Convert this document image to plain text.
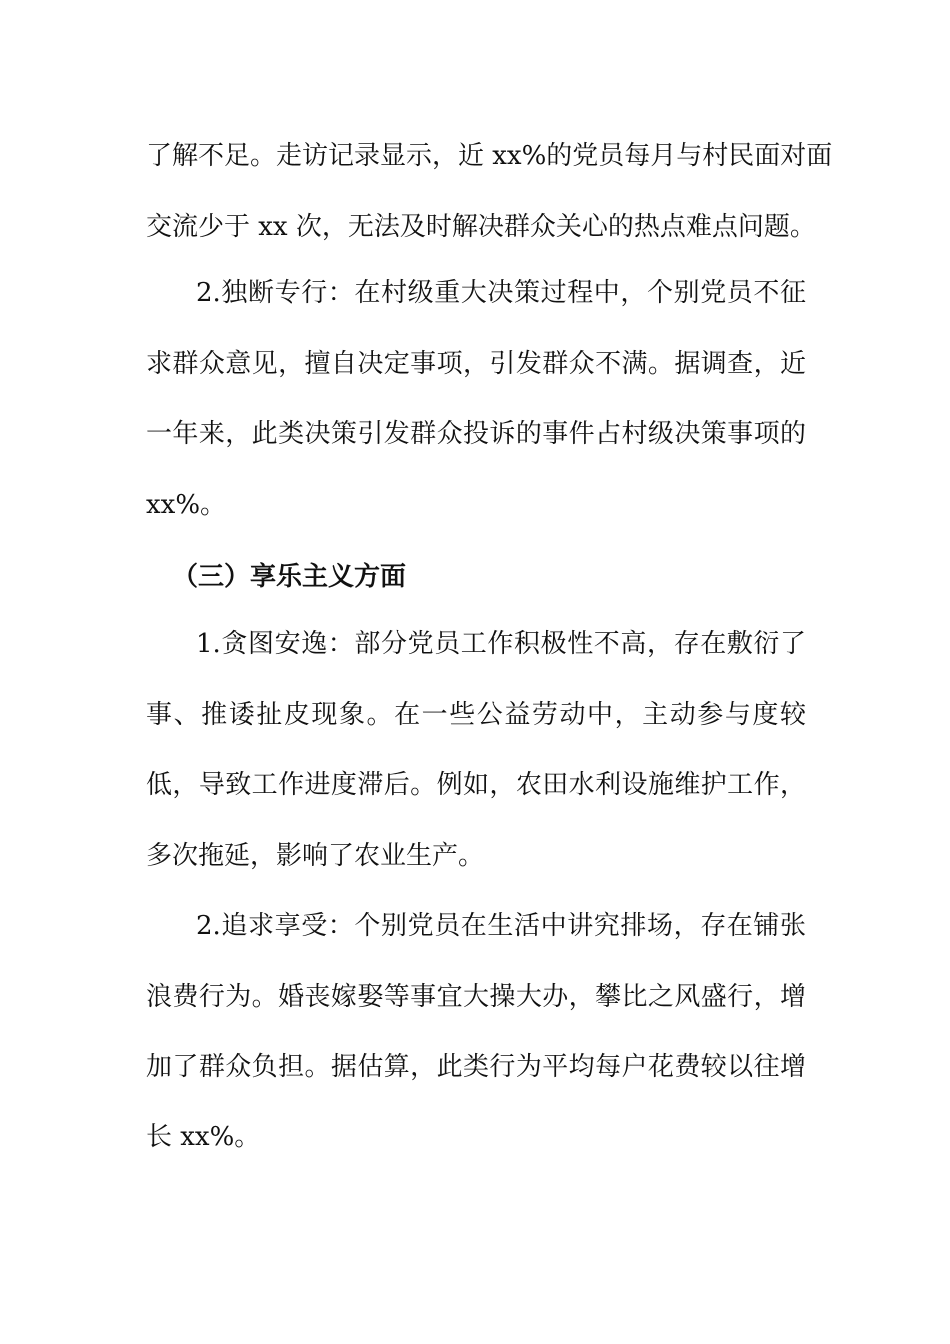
了解不足。走访记录显示，近 xx%的党员每月与村民面对面
交流少于 xx 次，无法及时解决群众关心的热点难点问题。
2.独断专行：在村级重大决策过程中，个别党员不征
求群众意见，擅自决定事项，引发群众不满。据调查，近
一年来，此类决策引发群众投诉的事件占村级决策事项的
xx%。
（三）享乐主义方面
1.贪图安逸：部分党员工作积极性不高，存在敷衍了
事、推诿扯皮现象。在一些公益劳动中，主动参与度较
低，导致工作进度滞后。例如，农田水利设施维护工作，
多次拖延，影响了农业生产。
2.追求享受：个别党员在生活中讲究排场，存在铺张
浪费行为。婚丧嫁娶等事宜大操大办，攀比之风盛行，增
加了群众负担。据估算，此类行为平均每户花费较以往增
长 xx%。
